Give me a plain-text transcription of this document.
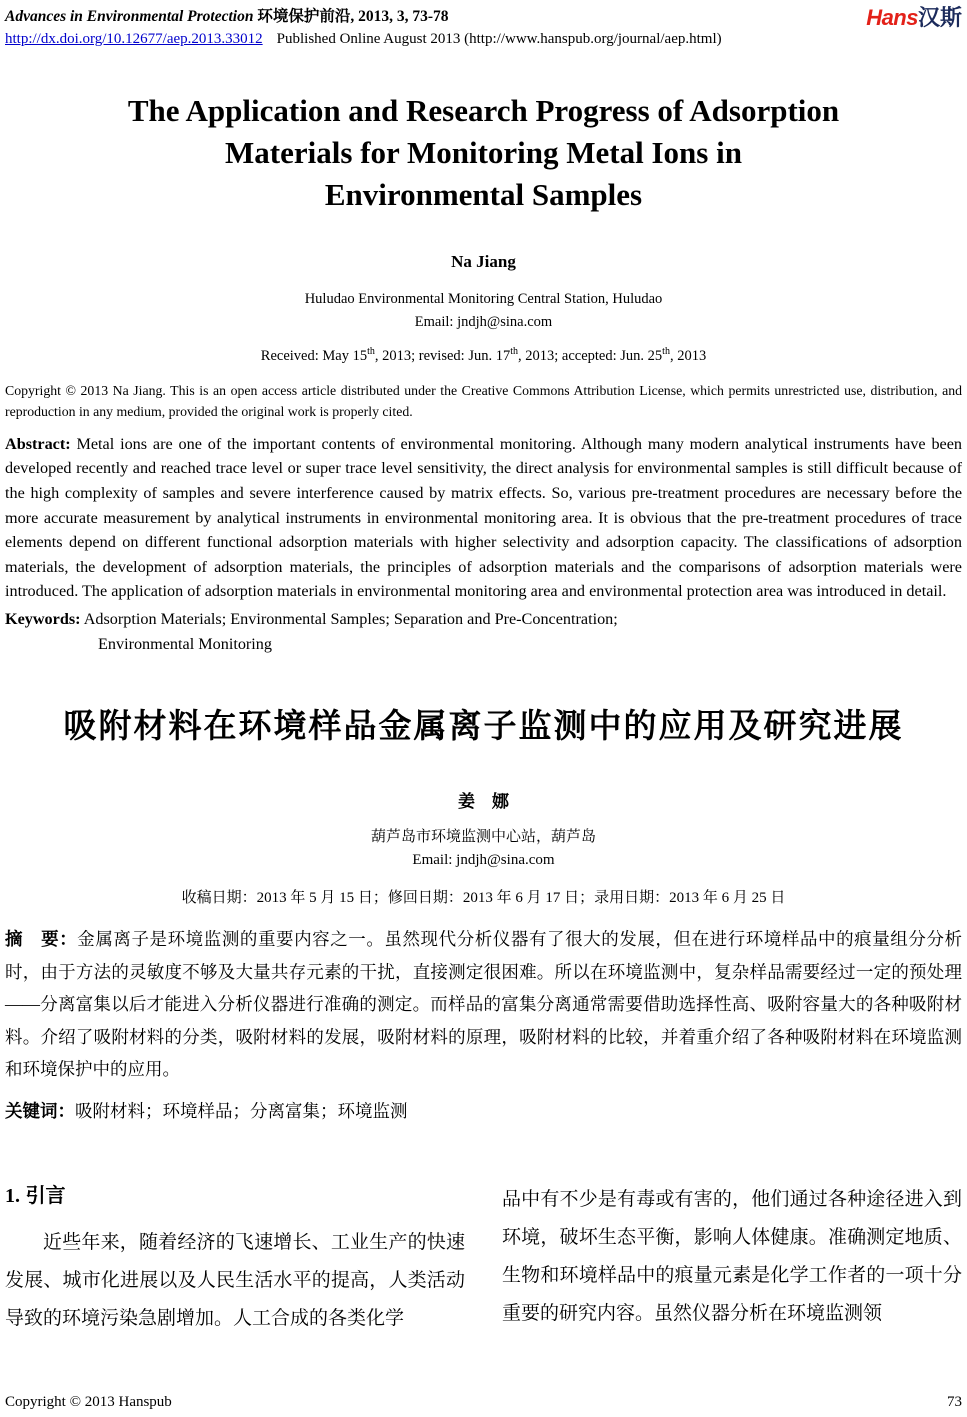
Advances in Environmental Protection 环境保护前沿, 2013, 3, 73-78
http://dx.doi.org/10.12677/aep.2013.33012 Published Online August 2013 (http://www.hanspub.org/journal/aep.html)
Hans汉斯
The Application and Research Progress of Adsorption
Materials for Monitoring Metal Ions in
Environmental Samples
Na Jiang
Huludao Environmental Monitoring Central Station, Huludao
Email: jndjh@sina.com
Received: May 15th, 2013; revised: Jun. 17th, 2013; accepted: Jun. 25th, 2013
Copyright © 2013 Na Jiang. This is an open access article distributed under the Creative Commons Attribution License, which permits unrestricted use, distribution, and reproduction in any medium, provided the original work is properly cited.
Abstract: Metal ions are one of the important contents of environmental monitoring. Although many modern analytical instruments have been developed recently and reached trace level or super trace level sensitivity, the direct analysis for environmental samples is still difficult because of the high complexity of samples and severe interference caused by matrix effects. So, various pre-treatment procedures are necessary before the more accurate measurement by analytical instruments in environmental monitoring area. It is obvious that the pre-treatment procedures of trace elements depend on different functional adsorption materials with higher selectivity and adsorption capacity. The classifications of adsorption materials, the development of adsorption materials, the principles of adsorption materials and the comparisons of adsorption materials were introduced. The application of adsorption materials in environmental monitoring area and environmental protection area was introduced in detail.
Keywords: Adsorption Materials; Environmental Samples; Separation and Pre-Concentration;
Environmental Monitoring
吸附材料在环境样品金属离子监测中的应用及研究进展
姜　娜
葫芦岛市环境监测中心站，葫芦岛
Email: jndjh@sina.com
收稿日期：2013 年 5 月 15 日；修回日期：2013 年 6 月 17 日；录用日期：2013 年 6 月 25 日
摘　要：金属离子是环境监测的重要内容之一。虽然现代分析仪器有了很大的发展，但在进行环境样品中的痕量组分分析时，由于方法的灵敏度不够及大量共存元素的干扰，直接测定很困难。所以在环境监测中，复杂样品需要经过一定的预处理——分离富集以后才能进入分析仪器进行准确的测定。而样品的富集分离通常需要借助选择性高、吸附容量大的各种吸附材料。介绍了吸附材料的分类，吸附材料的发展，吸附材料的原理，吸附材料的比较，并着重介绍了各种吸附材料在环境监测和环境保护中的应用。
关键词：吸附材料；环境样品；分离富集；环境监测
1. 引言
近些年来，随着经济的飞速增长、工业生产的快速发展、城市化进展以及人民生活水平的提高，人类活动导致的环境污染急剧增加。人工合成的各类化学
品中有不少是有毒或有害的，他们通过各种途径进入到环境，破坏生态平衡，影响人体健康。准确测定地质、生物和环境样品中的痕量元素是化学工作者的一项十分重要的研究内容。虽然仪器分析在环境监测领
Copyright © 2013 Hanspub	73
